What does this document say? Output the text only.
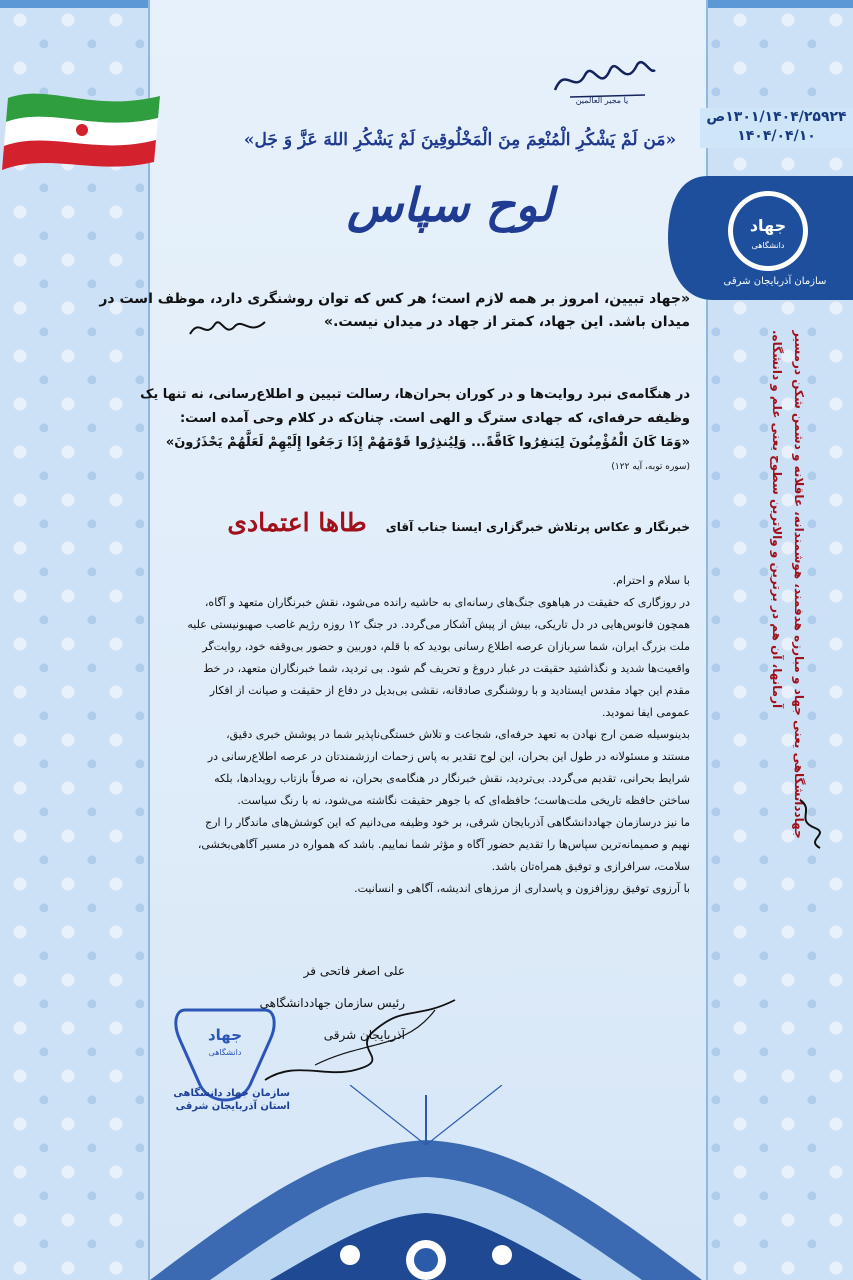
یا مجیر العالمین
«مَن لَمْ يَشْكُرِ الْمُنْعِمَ مِنَ الْمَخْلُوقِينَ لَمْ يَشْكُرِ اللهَ عَزَّ وَ جَل»
لوح سپاس
۱۳۰۱/۱۴۰۴/۲۵۹۲۴ص
۱۴۰۴/۰۴/۱۰
جهاد
دانشگاهی
سازمان آذربایجان شرقی
«جهاد تبیین، امروز بر همه لازم است؛ هر کس که توان روشنگری دارد، موظف است در
میدان باشد. این جهاد، کمتر از جهاد در میدان نیست.»
در هنگامه‌ی نبرد روایت‌ها و در کوران بحران‌ها، رسالت تبیین و اطلاع‌رسانی، نه تنها یک
وظیفه حرفه‌ای، که جهادی سترگ و الهی است. چنان‌که در کلام وحی آمده است:
«وَمَا كَانَ الْمُؤْمِنُونَ لِيَنفِرُوا كَافَّةً... وَلِيُنذِرُوا قَوْمَهُمْ إِذَا رَجَعُوا إِلَيْهِمْ لَعَلَّهُمْ يَحْذَرُونَ»
(سوره توبه، آیه ۱۲۲)
خبرنگار و عکاس پرتلاش خبرگزاری ایسنا جناب آقای طاها اعتمادی
با سلام و احترام.
در روزگاری که حقیقت در هیاهوی جنگ‌های رسانه‌ای به حاشیه رانده می‌شود، نقش خبرنگاران متعهد و آگاه،
همچون فانوس‌هایی در دل تاریکی، بیش از پیش آشکار می‌گردد. در جنگ ۱۲ روزه رژیم غاصب صهیونیستی علیه
ملت بزرگ ایران، شما سربازان عرصه اطلاع رسانی بودید که با قلم، دوربین و حضور بی‌وقفه خود، روایت‌گر
واقعیت‌ها شدید و نگذاشتید حقیقت در غبار دروغ و تحریف گم شود. بی تردید، شما خبرنگاران متعهد، در خط
مقدم این جهاد مقدس ایستادید و با روشنگری صادقانه، نقشی بی‌بدیل در دفاع از حقیقت و صیانت از افکار
عمومی ایفا نمودید.
بدینوسیله ضمن ارج نهادن به تعهد حرفه‌ای، شجاعت و تلاش خستگی‌ناپذیر شما در پوشش خبری دقیق،
مستند و مسئولانه در طول این بحران، این لوح تقدیر به پاس زحمات ارزشمندتان در عرصه اطلاع‌رسانی در
شرایط بحرانی، تقدیم می‌گردد. بی‌تردید، نقش خبرنگار در هنگامه‌ی بحران، نه صرفاً بازتاب رویدادها، بلکه
ساختن حافظه تاریخی ملت‌هاست؛ حافظه‌ای که با جوهر حقیقت نگاشته می‌شود، نه با رنگ سیاست.
ما نیز درسازمان جهاددانشگاهی آذربایجان شرقی، بر خود وظیفه می‌دانیم که این کوشش‌های ماندگار را ارج
نهیم و صمیمانه‌ترین سپاس‌ها را تقدیم حضور آگاه و مؤثر شما نماییم. باشد که همواره در مسیر آگاهی‌بخشی،
سلامت، سرافرازی و توفیق همراه‌تان باشد.
با آرزوی توفیق روزافزون و پاسداری از مرزهای اندیشه، آگاهی و انسانیت.
جهاددانشگاهی یعنی جهاد و مبارزه هدفمند، هوشمندانه، عاقلانه و دشمن شکن درمسیر
آرمانها، آن هم در برترین و والاترین سطوح یعنی علم و دانشگاه.
علی اصغر فاتحی فر
رئیس سازمان جهاددانشگاهی
آذربایجان شرقی
جهاد
دانشگاهی
سازمان جهاد دانشگاهی
استان آذربایجان شرقی
